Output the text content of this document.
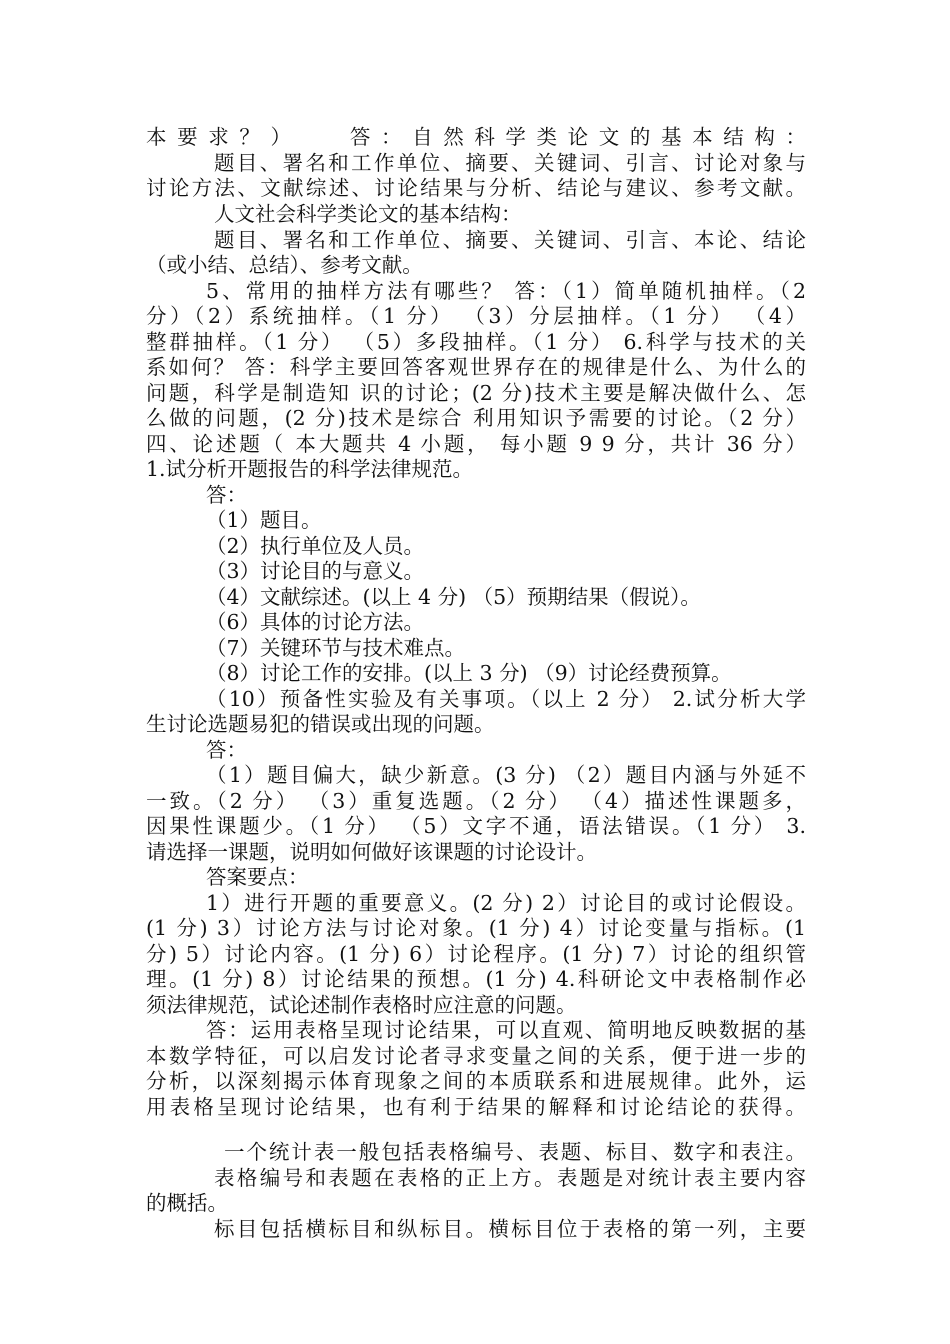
本要求？） 　答：自然科学类论文的基本结构：
题目、署名和工作单位、摘要、关键词、引言、讨论对象与
讨论方法、文献综述、讨论结果与分析、结论与建议、参考文献。
人文社会科学类论文的基本结构：
题目、署名和工作单位、摘要、关键词、引言、本论、结论
（或小结、总结）、参考文献。
5、常用的抽样方法有哪些？ 答：（1）简单随机抽样。（2
分）（2）系统抽样。（1 分） （3）分层抽样。（1 分） （4）
整群抽样。（1 分） （5）多段抽样。（1 分） 6.科学与技术的关
系如何？ 答：科学主要回答客观世界存在的规律是什么、为什么的
问题，科学是制造知 识的讨论；(2 分)技术主要是解决做什么、怎
么做的问题，(2 分)技术是综合 利用知识予需要的讨论。（2 分）
四、论述题（ 本大题共 4 小题， 每小题 9 9 分，共计 36 分）
1.试分析开题报告的科学法律规范。
答：
（1）题目。
（2）执行单位及人员。
（3）讨论目的与意义。
（4）文献综述。(以上 4 分) （5）预期结果（假说）。
（6）具体的讨论方法。
（7）关键环节与技术难点。
（8）讨论工作的安排。(以上 3 分) （9）讨论经费预算。
（10）预备性实验及有关事项。（以上 2 分） 2.试分析大学
生讨论选题易犯的错误或出现的问题。
答：
（1）题目偏大，缺少新意。(3 分) （2）题目内涵与外延不
一致。（2 分） （3）重复选题。（2 分） （4）描述性课题多，
因果性课题少。（1 分） （5）文字不通，语法错误。（1 分） 3.
请选择一课题，说明如何做好该课题的讨论设计。
答案要点：
1）进行开题的重要意义。(2 分) 2）讨论目的或讨论假设。
(1 分) 3）讨论方法与讨论对象。(1 分) 4）讨论变量与指标。(1
分) 5）讨论内容。(1 分) 6）讨论程序。(1 分) 7）讨论的组织管
理。(1 分) 8）讨论结果的预想。(1 分) 4.科研论文中表格制作必
须法律规范，试论述制作表格时应注意的问题。
答：运用表格呈现讨论结果，可以直观、简明地反映数据的基
本数学特征，可以启发讨论者寻求变量之间的关系，便于进一步的
分析，以深刻揭示体育现象之间的本质联系和进展规律。此外，运
用表格呈现讨论结果，也有利于结果的解释和讨论结论的获得。
一个统计表一般包括表格编号、表题、标目、数字和表注。
表格编号和表题在表格的正上方。表题是对统计表主要内容
的概括。
标目包括横标目和纵标目。横标目位于表格的第一列，主要
